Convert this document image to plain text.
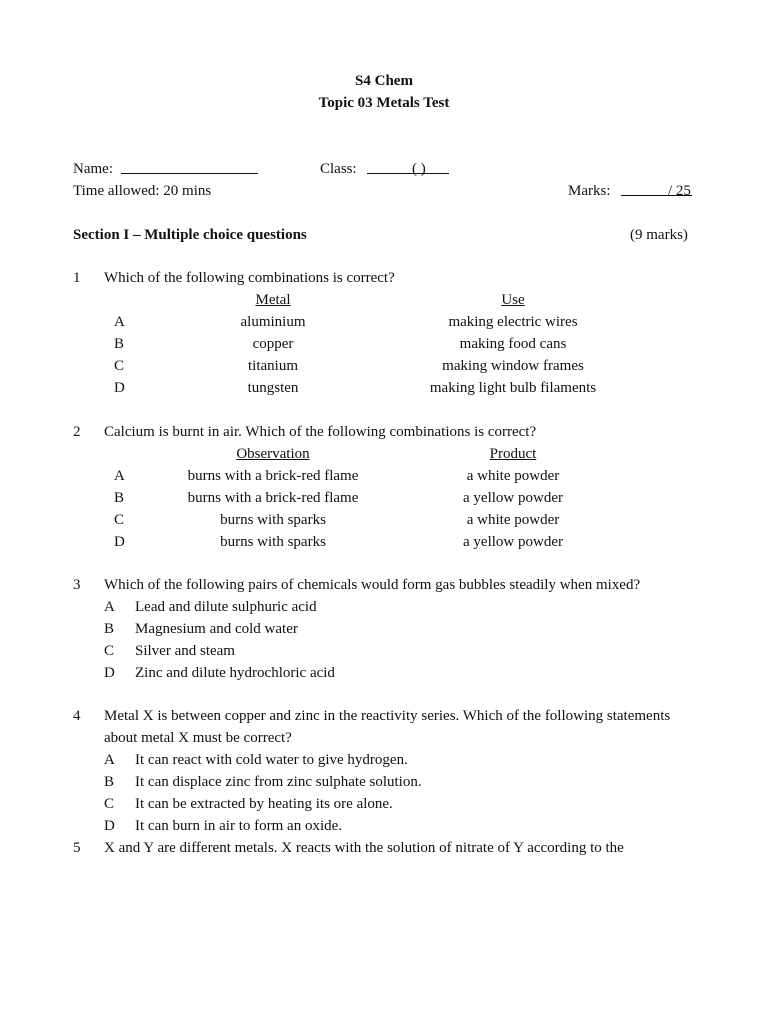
S4 Chem
Topic 03 Metals Test
Name:	Class:	( )
Time allowed: 20 mins	Marks:	/ 25
Section I – Multiple choice questions	(9 marks)
1 Which of the following combinations is correct?
Metal	Use
A	aluminium	making electric wires
B	copper	making food cans
C	titanium	making window frames
D	tungsten	making light bulb filaments
2 Calcium is burnt in air. Which of the following combinations is correct?
Observation	Product
A	burns with a brick-red flame	a white powder
B	burns with a brick-red flame	a yellow powder
C	burns with sparks	a white powder
D	burns with sparks	a yellow powder
3 Which of the following pairs of chemicals would form gas bubbles steadily when mixed?
A Lead and dilute sulphuric acid
B Magnesium and cold water
C Silver and steam
D Zinc and dilute hydrochloric acid
4 Metal X is between copper and zinc in the reactivity series. Which of the following statements
about metal X must be correct?
A It can react with cold water to give hydrogen.
B It can displace zinc from zinc sulphate solution.
C It can be extracted by heating its ore alone.
D It can burn in air to form an oxide.
5 X and Y are different metals. X reacts with the solution of nitrate of Y according to the
